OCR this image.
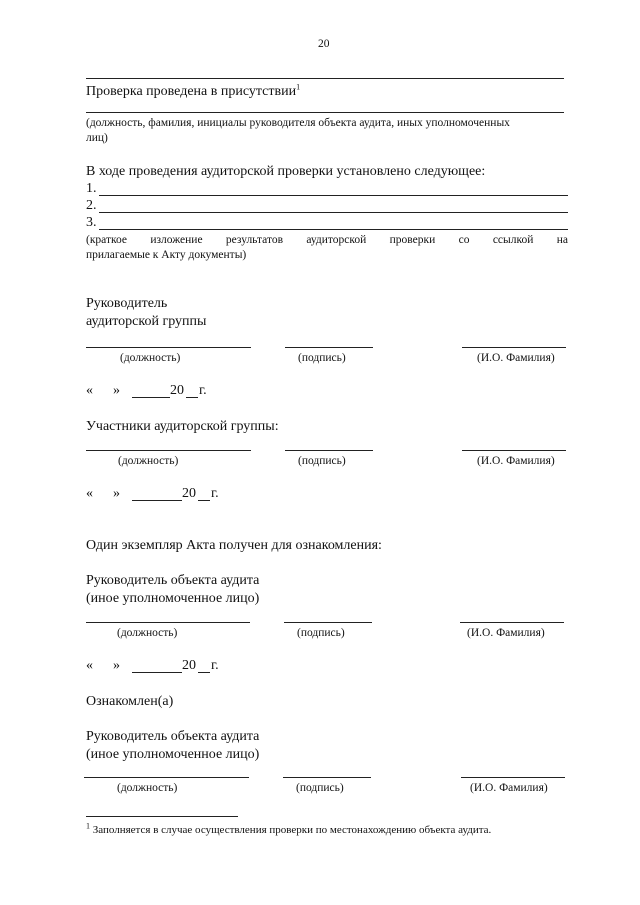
20
Проверка проведена в присутствии$^1$
(должность, фамилия, инициалы руководителя объекта аудита, иных уполномоченных
лиц)
В ходе проведения аудиторской проверки установлено следующее:
1.
2.
3.
(краткое изложение результатов аудиторской проверки со ссылкой на
прилагаемые к Акту документы)
Руководитель
аудиторской группы
(должность)	(подпись)	(И.О. Фамилия)
« »	20 г.
Участники аудиторской группы:
(должность)	(подпись)	(И.О. Фамилия)
« »	20 г.
Один экземпляр Акта получен для ознакомления:
Руководитель объекта аудита
(иное уполномоченное лицо)
(должность)	(подпись)	(И.О. Фамилия)
« »	20 г.
Ознакомлен(а)
Руководитель объекта аудита
(иное уполномоченное лицо)
(должность)	(подпись)	(И.О. Фамилия)
$^1$ Заполняется в случае осуществления проверки по местонахождению объекта аудита.
